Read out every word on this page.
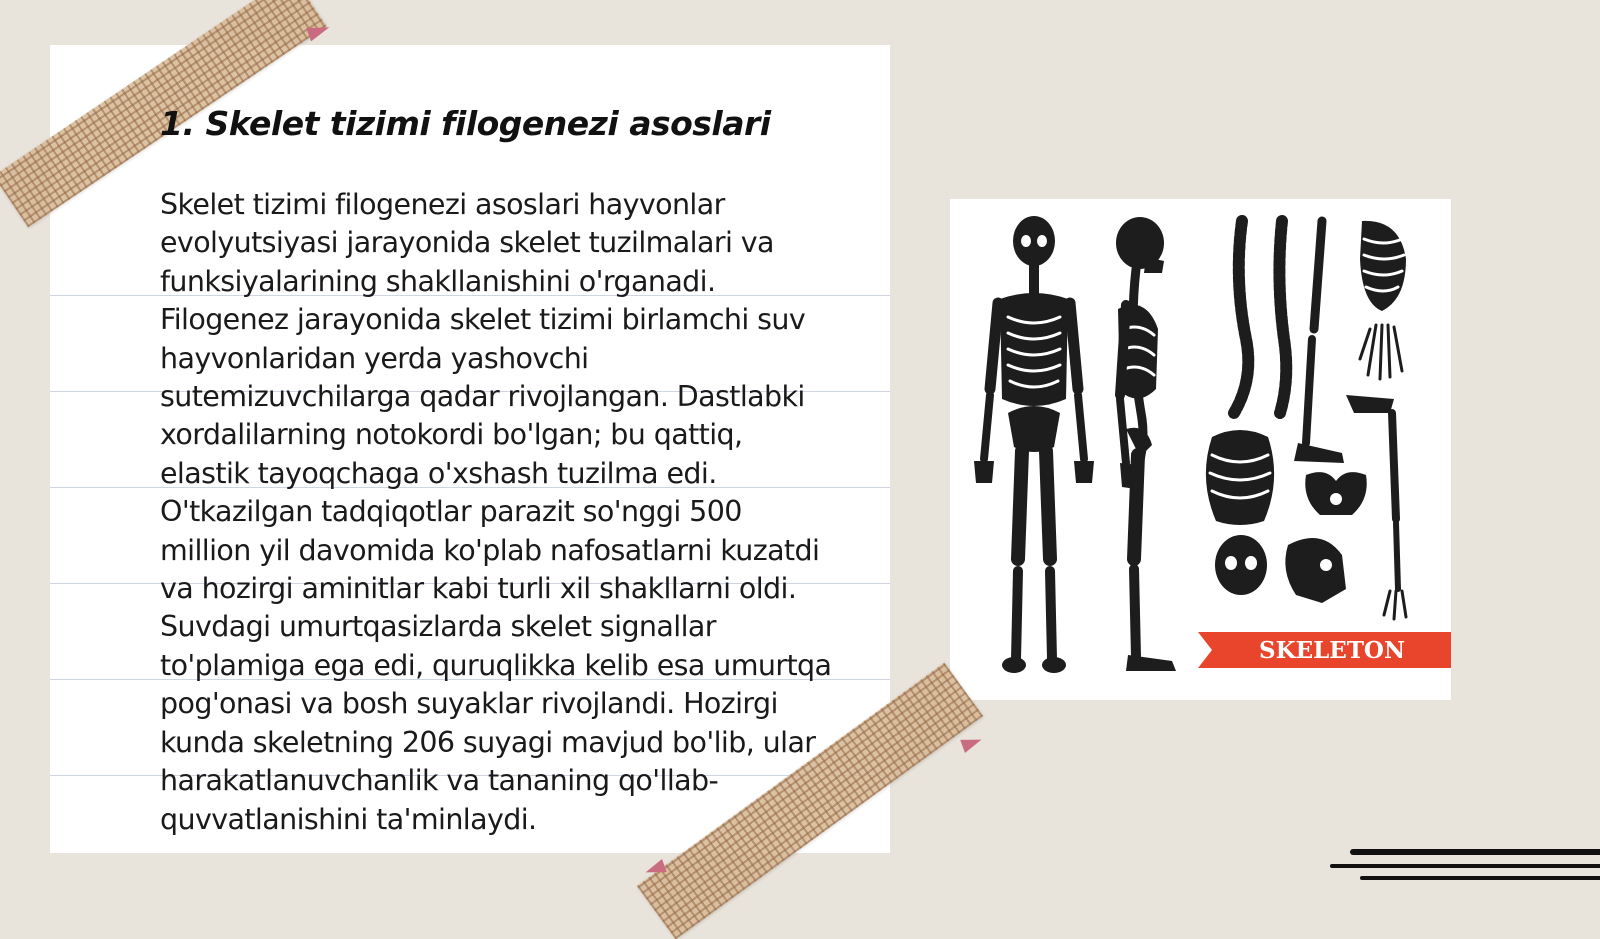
1. Skelet tizimi filogenezi asoslari

Skelet tizimi filogenezi asoslari hayvonlar evolyutsiyasi jarayonida skelet tuzilmalari va funksiyalarining shakllanishini o'rganadi. Filogenez jarayonida skelet tizimi birlamchi suv hayvonlaridan yerda yashovchi sutemizuvchilarga qadar rivojlangan. Dastlabki xordalilarning notokordi bo'lgan; bu qattiq, elastik tayoqchaga o'xshash tuzilma edi. O'tkazilgan tadqiqotlar parazit so'nggi 500 million yil davomida ko'plab nafosatlarni kuzatdi va hozirgi aminitlar kabi turli xil shakllarni oldi. Suvdagi umurtqasizlarda skelet signallar to'plamiga ega edi, quruqlikka kelib esa umurtqa pog'onasi va bosh suyaklar rivojlandi. Hozirgi kunda skeletning 206 suyagi mavjud bo'lib, ular harakatlanuvchanlik va tananing qo'llab-quvvatlanishini ta'minlaydi.

SKELETON
